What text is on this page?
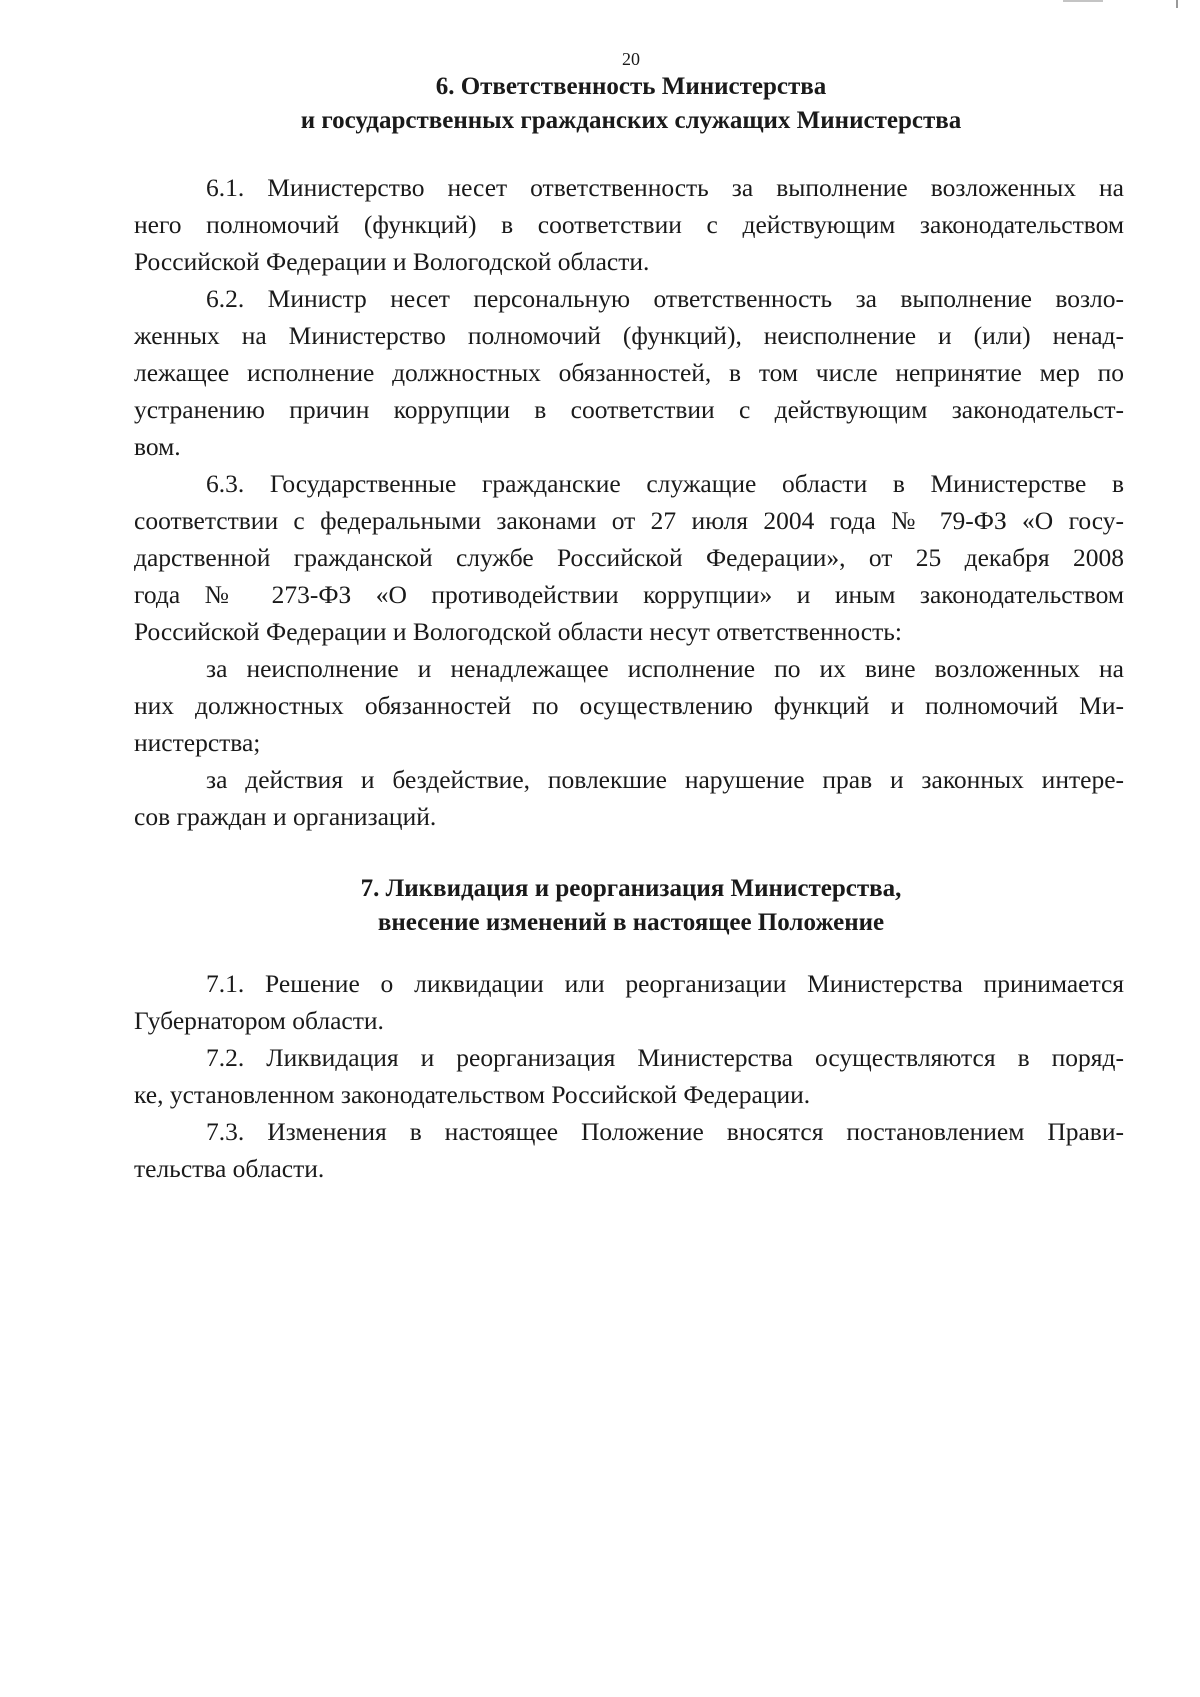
20
6. Ответственность Министерства
и государственных гражданских служащих Министерства
6.1. Министерство несет ответственность за выполнение возложенных на
него полномочий (функций) в соответствии с действующим законодательством
Российской Федерации и Вологодской области.
6.2. Министр несет персональную ответственность за выполнение возло-
женных на Министерство полномочий (функций), неисполнение и (или) ненад-
лежащее исполнение должностных обязанностей, в том числе непринятие мер по
устранению причин коррупции в соответствии с действующим законодательст-
вом.
6.3. Государственные гражданские служащие области в Министерстве в
соответствии с федеральными законами от 27 июля 2004 года № 79-ФЗ «О госу-
дарственной гражданской службе Российской Федерации», от 25 декабря 2008
года № 273-ФЗ «О противодействии коррупции» и иным законодательством
Российской Федерации и Вологодской области несут ответственность:
за неисполнение и ненадлежащее исполнение по их вине возложенных на
них должностных обязанностей по осуществлению функций и полномочий Ми-
нистерства;
за действия и бездействие, повлекшие нарушение прав и законных интере-
сов граждан и организаций.
7. Ликвидация и реорганизация Министерства,
внесение изменений в настоящее Положение
7.1. Решение о ликвидации или реорганизации Министерства принимается
Губернатором области.
7.2. Ликвидация и реорганизация Министерства осуществляются в поряд-
ке, установленном законодательством Российской Федерации.
7.3. Изменения в настоящее Положение вносятся постановлением Прави-
тельства области.
